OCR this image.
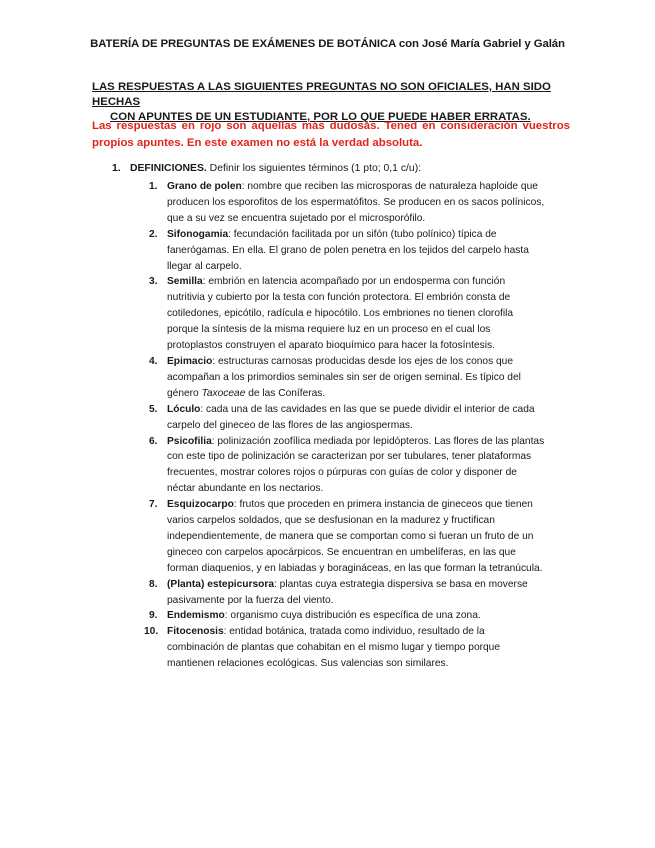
BATERÍA DE PREGUNTAS DE EXÁMENES DE BOTÁNICA con José María Gabriel y Galán
LAS RESPUESTAS A LAS SIGUIENTES PREGUNTAS NO SON OFICIALES, HAN SIDO HECHAS
CON APUNTES DE UN ESTUDIANTE, POR LO QUE PUEDE HABER ERRATAS.
Las respuestas en rojo son aquellas más dudosas. Tened en consideración vuestros propios apuntes. En este examen no está la verdad absoluta.
1. DEFINICIONES. Definir los siguientes términos (1 pto; 0,1 c/u):
1. Grano de polen: nombre que reciben las microsporas de naturaleza haploide que
producen los esporofitos de los espermatófitos. Se producen en os sacos polínicos,
que a su vez se encuentra sujetado por el microsporófilo.
2. Sifonogamia: fecundación facilitada por un sifón (tubo polínico) típica de
fanerógamas. En ella. El grano de polen penetra en los tejidos del carpelo hasta
llegar al carpelo.
3. Semilla: embrión en latencia acompañado por un endosperma con función
nutritivia y cubierto por la testa con función protectora. El embrión consta de
cotiledones, epicótilo, radícula e hipocótilo. Los embriones no tienen clorofila
porque la síntesis de la misma requiere luz en un proceso en el cual los
protoplastos construyen el aparato bioquímico para hacer la fotosíntesis.
4. Epimacio: estructuras carnosas producidas desde los ejes de los conos que
acompañan a los primordios seminales sin ser de origen seminal. Es típico del
género Taxoceae de las Coníferas.
5. Lóculo: cada una de las cavidades en las que se puede dividir el interior de cada
carpelo del gineceo de las flores de las angiospermas.
6. Psicofilia: polinización zoofílica mediada por lepidópteros. Las flores de las plantas
con este tipo de polinización se caracterizan por ser tubulares, tener plataformas
frecuentes, mostrar colores rojos o púrpuras con guías de color y disponer de
néctar abundante en los nectarios.
7. Esquizocarpo: frutos que proceden en primera instancia de gineceos que tienen
varios carpelos soldados, que se desfusionan en la madurez y fructifican
independientemente, de manera que se comportan como si fueran un fruto de un
gineceo con carpelos apocárpicos. Se encuentran en umbelíferas, en las que
forman diaquenios, y en labiadas y boragináceas, en las que forman la tetranúcula.
8. (Planta) estepicursora: plantas cuya estrategia dispersiva se basa en moverse
pasivamente por la fuerza del viento.
9. Endemismo: organismo cuya distribución es específica de una zona.
10. Fitocenosis: entidad botánica, tratada como individuo, resultado de la
combinación de plantas que cohabitan en el mismo lugar y tiempo porque
mantienen relaciones ecológicas. Sus valencias son similares.
